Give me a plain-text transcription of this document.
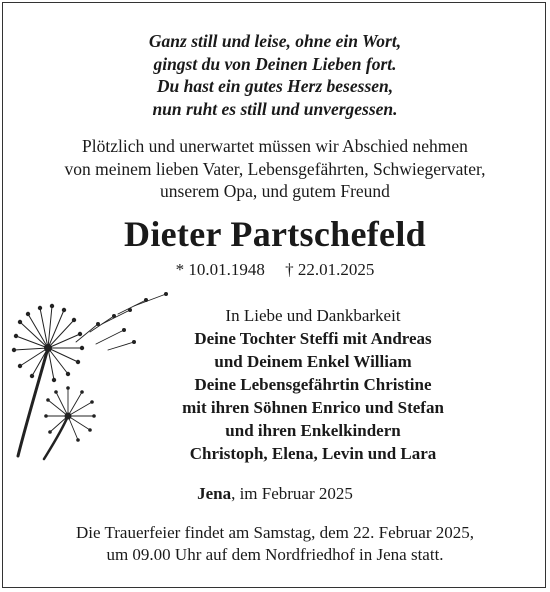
Ganz still und leise, ohne ein Wort,
gingst du von Deinen Lieben fort.
Du hast ein gutes Herz besessen,
nun ruht es still und unvergessen.
Plötzlich und unerwartet müssen wir Abschied nehmen
von meinem lieben Vater, Lebensgefährten, Schwiegervater,
unserem Opa, und gutem Freund
Dieter Partschefeld
* 10.01.1948 † 22.01.2025
In Liebe und Dankbarkeit
Deine Tochter Steffi mit Andreas
und Deinem Enkel William
Deine Lebensgefährtin Christine
mit ihren Söhnen Enrico und Stefan
und ihren Enkelkindern
Christoph, Elena, Levin und Lara
Jena, im Februar 2025
Die Trauerfeier findet am Samstag, dem 22. Februar 2025,
um 09.00 Uhr auf dem Nordfriedhof in Jena statt.
